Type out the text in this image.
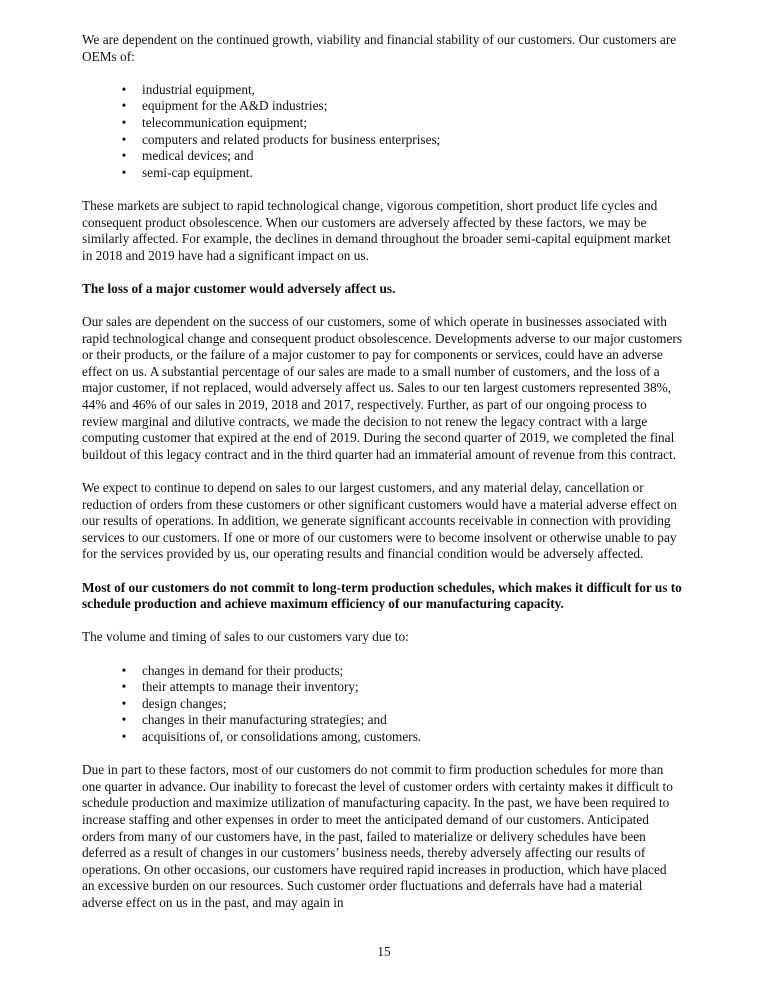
We are dependent on the continued growth, viability and financial stability of our customers. Our customers are OEMs of:

• industrial equipment,
• equipment for the A&D industries;
• telecommunication equipment;
• computers and related products for business enterprises;
• medical devices; and
• semi-cap equipment.

These markets are subject to rapid technological change, vigorous competition, short product life cycles and consequent product obsolescence. When our customers are adversely affected by these factors, we may be similarly affected. For example, the declines in demand throughout the broader semi-capital equipment market in 2018 and 2019 have had a significant impact on us.

The loss of a major customer would adversely affect us.

Our sales are dependent on the success of our customers, some of which operate in businesses associated with rapid technological change and consequent product obsolescence. Developments adverse to our major customers or their products, or the failure of a major customer to pay for components or services, could have an adverse effect on us. A substantial percentage of our sales are made to a small number of customers, and the loss of a major customer, if not replaced, would adversely affect us. Sales to our ten largest customers represented 38%, 44% and 46% of our sales in 2019, 2018 and 2017, respectively. Further, as part of our ongoing process to review marginal and dilutive contracts, we made the decision to not renew the legacy contract with a large computing customer that expired at the end of 2019. During the second quarter of 2019, we completed the final buildout of this legacy contract and in the third quarter had an immaterial amount of revenue from this contract.

We expect to continue to depend on sales to our largest customers, and any material delay, cancellation or reduction of orders from these customers or other significant customers would have a material adverse effect on our results of operations. In addition, we generate significant accounts receivable in connection with providing services to our customers. If one or more of our customers were to become insolvent or otherwise unable to pay for the services provided by us, our operating results and financial condition would be adversely affected.

Most of our customers do not commit to long-term production schedules, which makes it difficult for us to schedule production and achieve maximum efficiency of our manufacturing capacity.

The volume and timing of sales to our customers vary due to:

• changes in demand for their products;
• their attempts to manage their inventory;
• design changes;
• changes in their manufacturing strategies; and
• acquisitions of, or consolidations among, customers.

Due in part to these factors, most of our customers do not commit to firm production schedules for more than one quarter in advance. Our inability to forecast the level of customer orders with certainty makes it difficult to schedule production and maximize utilization of manufacturing capacity. In the past, we have been required to increase staffing and other expenses in order to meet the anticipated demand of our customers. Anticipated orders from many of our customers have, in the past, failed to materialize or delivery schedules have been deferred as a result of changes in our customers’ business needs, thereby adversely affecting our results of operations. On other occasions, our customers have required rapid increases in production, which have placed an excessive burden on our resources. Such customer order fluctuations and deferrals have had a material adverse effect on us in the past, and may again in

15
